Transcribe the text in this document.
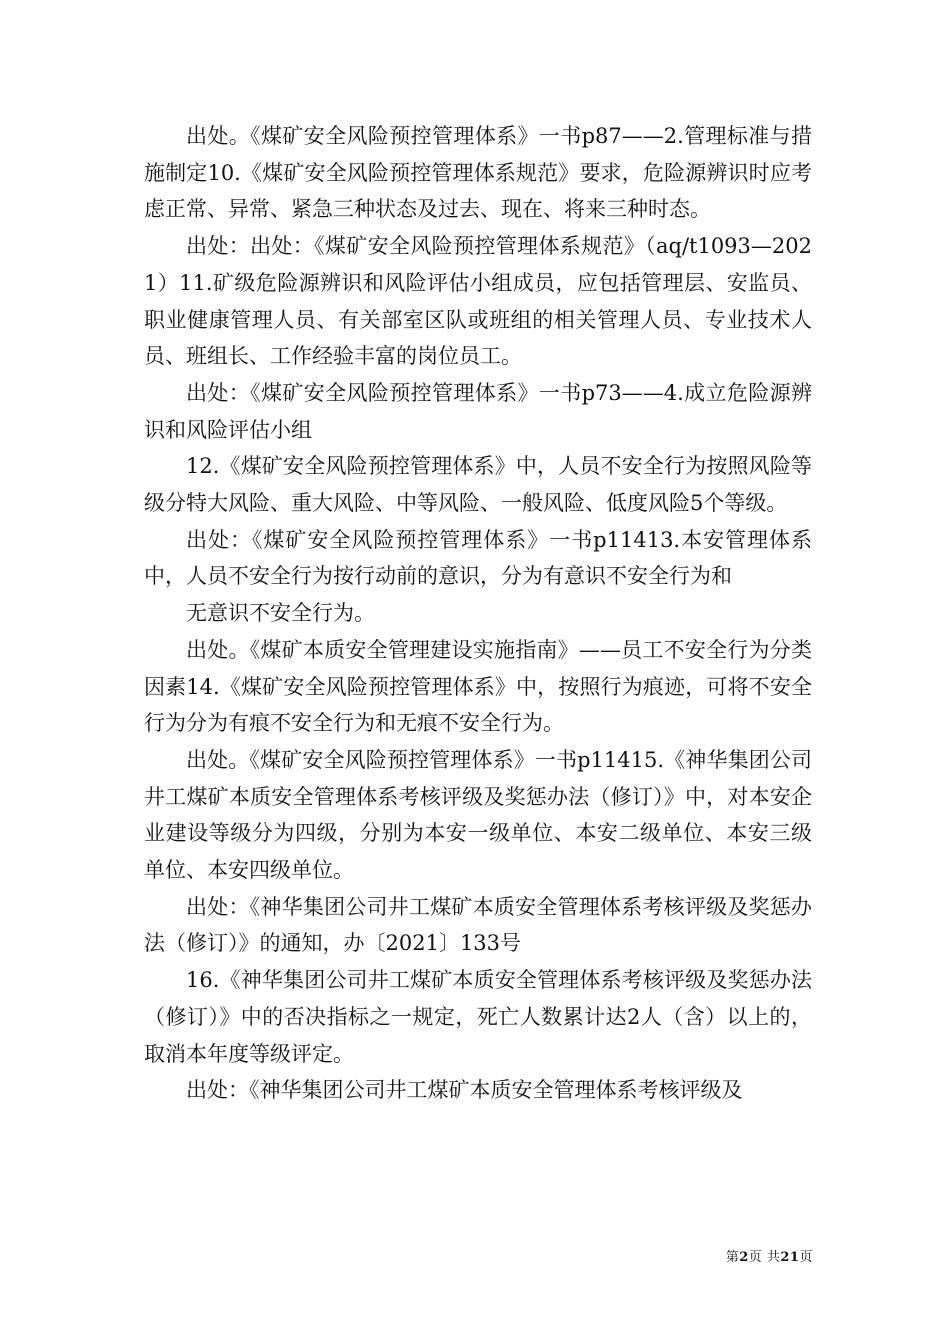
出处。《煤矿安全风险预控管理体系》一书p87——2.管理标准与措施制定10.《煤矿安全风险预控管理体系规范》要求，危险源辨识时应考虑正常、异常、紧急三种状态及过去、现在、将来三种时态。

出处：出处：《煤矿安全风险预控管理体系规范》（aq/t1093—2021）11.矿级危险源辨识和风险评估小组成员，应包括管理层、安监员、职业健康管理人员、有关部室区队或班组的相关管理人员、专业技术人员、班组长、工作经验丰富的岗位员工。

出处：《煤矿安全风险预控管理体系》一书p73——4.成立危险源辨识和风险评估小组

12.《煤矿安全风险预控管理体系》中，人员不安全行为按照风险等级分特大风险、重大风险、中等风险、一般风险、低度风险5个等级。

出处：《煤矿安全风险预控管理体系》一书p11413.本安管理体系中，人员不安全行为按行动前的意识，分为有意识不安全行为和

无意识不安全行为。

出处。《煤矿本质安全管理建设实施指南》——员工不安全行为分类因素14.《煤矿安全风险预控管理体系》中，按照行为痕迹，可将不安全行为分为有痕不安全行为和无痕不安全行为。

出处。《煤矿安全风险预控管理体系》一书p11415.《神华集团公司井工煤矿本质安全管理体系考核评级及奖惩办法（修订）》中，对本安企业建设等级分为四级，分别为本安一级单位、本安二级单位、本安三级单位、本安四级单位。

出处：《神华集团公司井工煤矿本质安全管理体系考核评级及奖惩办法（修订）》的通知，办〔2021〕133号

16.《神华集团公司井工煤矿本质安全管理体系考核评级及奖惩办法（修订）》中的否决指标之一规定，死亡人数累计达2人（含）以上的，取消本年度等级评定。

出处：《神华集团公司井工煤矿本质安全管理体系考核评级及

第2页 共21页
